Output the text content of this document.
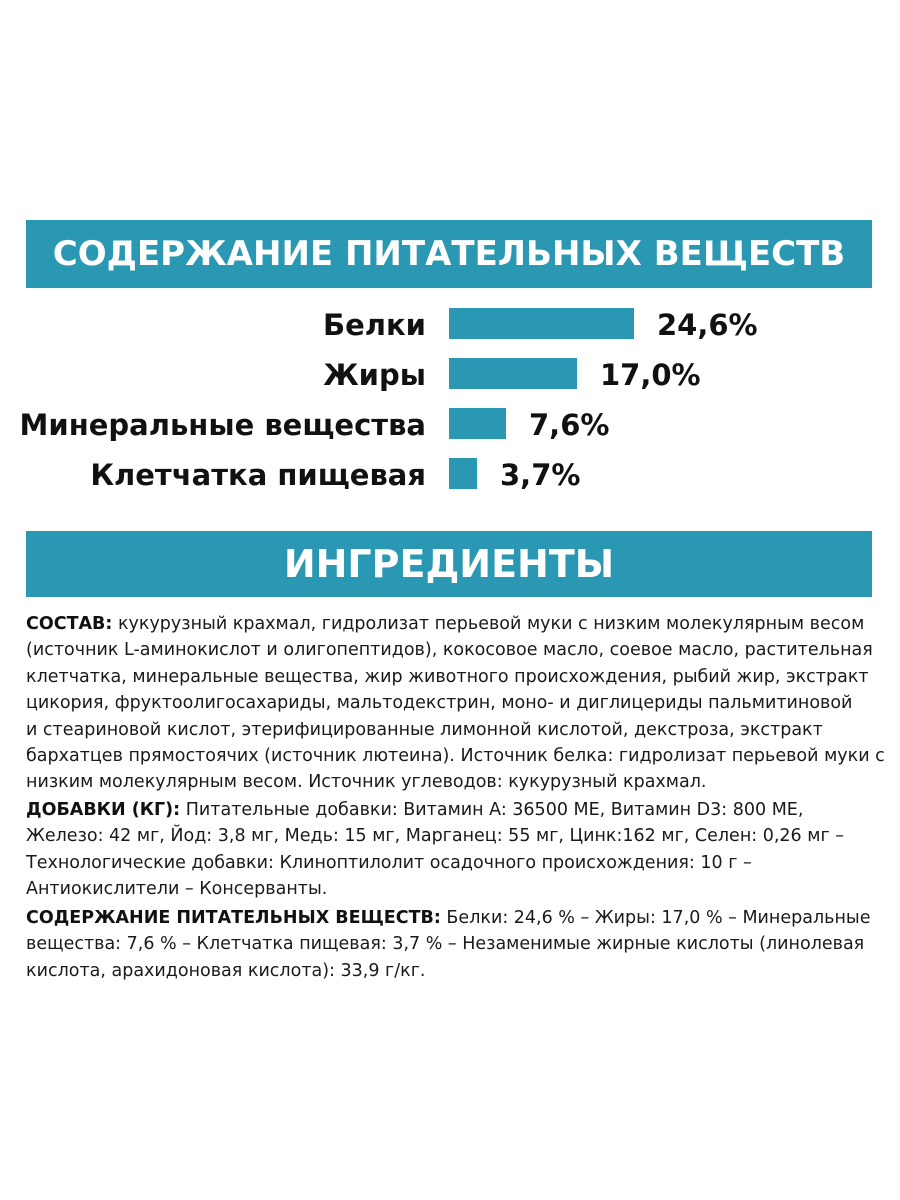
СОДЕРЖАНИЕ ПИТАТЕЛЬНЫХ ВЕЩЕСТВ
Белки	24,6%
Жиры	17,0%
Минеральные вещества	7,6%
Клетчатка пищевая	3,7%
ИНГРЕДИЕНТЫ
СОСТАВ: кукурузный крахмал, гидролизат перьевой муки с низким молекулярным весом
(источник L-аминокислот и олигопептидов), кокосовое масло, соевое масло, растительная
клетчатка, минеральные вещества, жир животного происхождения, рыбий жир, экстракт
цикория, фруктоолигосахариды, мальтодекстрин, моно- и диглицериды пальмитиновой
и стеариновой кислот, этерифицированные лимонной кислотой, декстроза, экстракт
бархатцев прямостоячих (источник лютеина). Источник белка: гидролизат перьевой муки с
низким молекулярным весом. Источник углеводов: кукурузный крахмал.
ДОБАВКИ (КГ): Питательные добавки: Витамин A: 36500 МЕ, Витамин D3: 800 МЕ,
Железо: 42 мг, Йод: 3,8 мг, Медь: 15 мг, Марганец: 55 мг, Цинк:162 мг, Селен: 0,26 мг –
Технологические добавки: Клиноптилолит осадочного происхождения: 10 г –
Антиокислители – Консерванты.
СОДЕРЖАНИЕ ПИТАТЕЛЬНЫХ ВЕЩЕСТВ: Белки: 24,6 % – Жиры: 17,0 % – Минеральные
вещества: 7,6 % – Клетчатка пищевая: 3,7 % – Незаменимые жирные кислоты (линолевая
кислота, арахидоновая кислота): 33,9 г/кг.
